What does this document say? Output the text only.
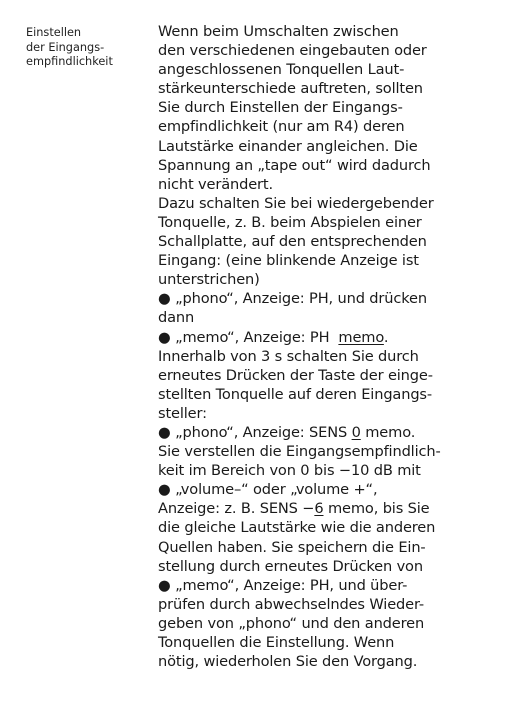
Einstellen
der Eingangs-
empfindlichkeit
Wenn beim Umschalten zwischen
den verschiedenen eingebauten oder
angeschlossenen Tonquellen Laut-
stärkeunterschiede auftreten, sollten
Sie durch Einstellen der Eingangs-
empfindlichkeit (nur am R4) deren
Lautstärke einander angleichen. Die
Spannung an „tape out“ wird dadurch
nicht verändert.
Dazu schalten Sie bei wiedergebender
Tonquelle, z. B. beim Abspielen einer
Schallplatte, auf den entsprechenden
Eingang: (eine blinkende Anzeige ist
unterstrichen)
● „phono“, Anzeige: PH, und drücken
dann
● „memo“, Anzeige: PH  memo.
Innerhalb von 3 s schalten Sie durch
erneutes Drücken der Taste der einge-
stellten Tonquelle auf deren Eingangs-
steller:
● „phono“, Anzeige: SENS 0 memo.
Sie verstellen die Eingangsempfindlich-
keit im Bereich von 0 bis −10 dB mit
● „volume–“ oder „volume +“,
Anzeige: z. B. SENS −6 memo, bis Sie
die gleiche Lautstärke wie die anderen
Quellen haben. Sie speichern die Ein-
stellung durch erneutes Drücken von
● „memo“, Anzeige: PH, und über-
prüfen durch abwechselndes Wieder-
geben von „phono“ und den anderen
Tonquellen die Einstellung. Wenn
nötig, wiederholen Sie den Vorgang.
